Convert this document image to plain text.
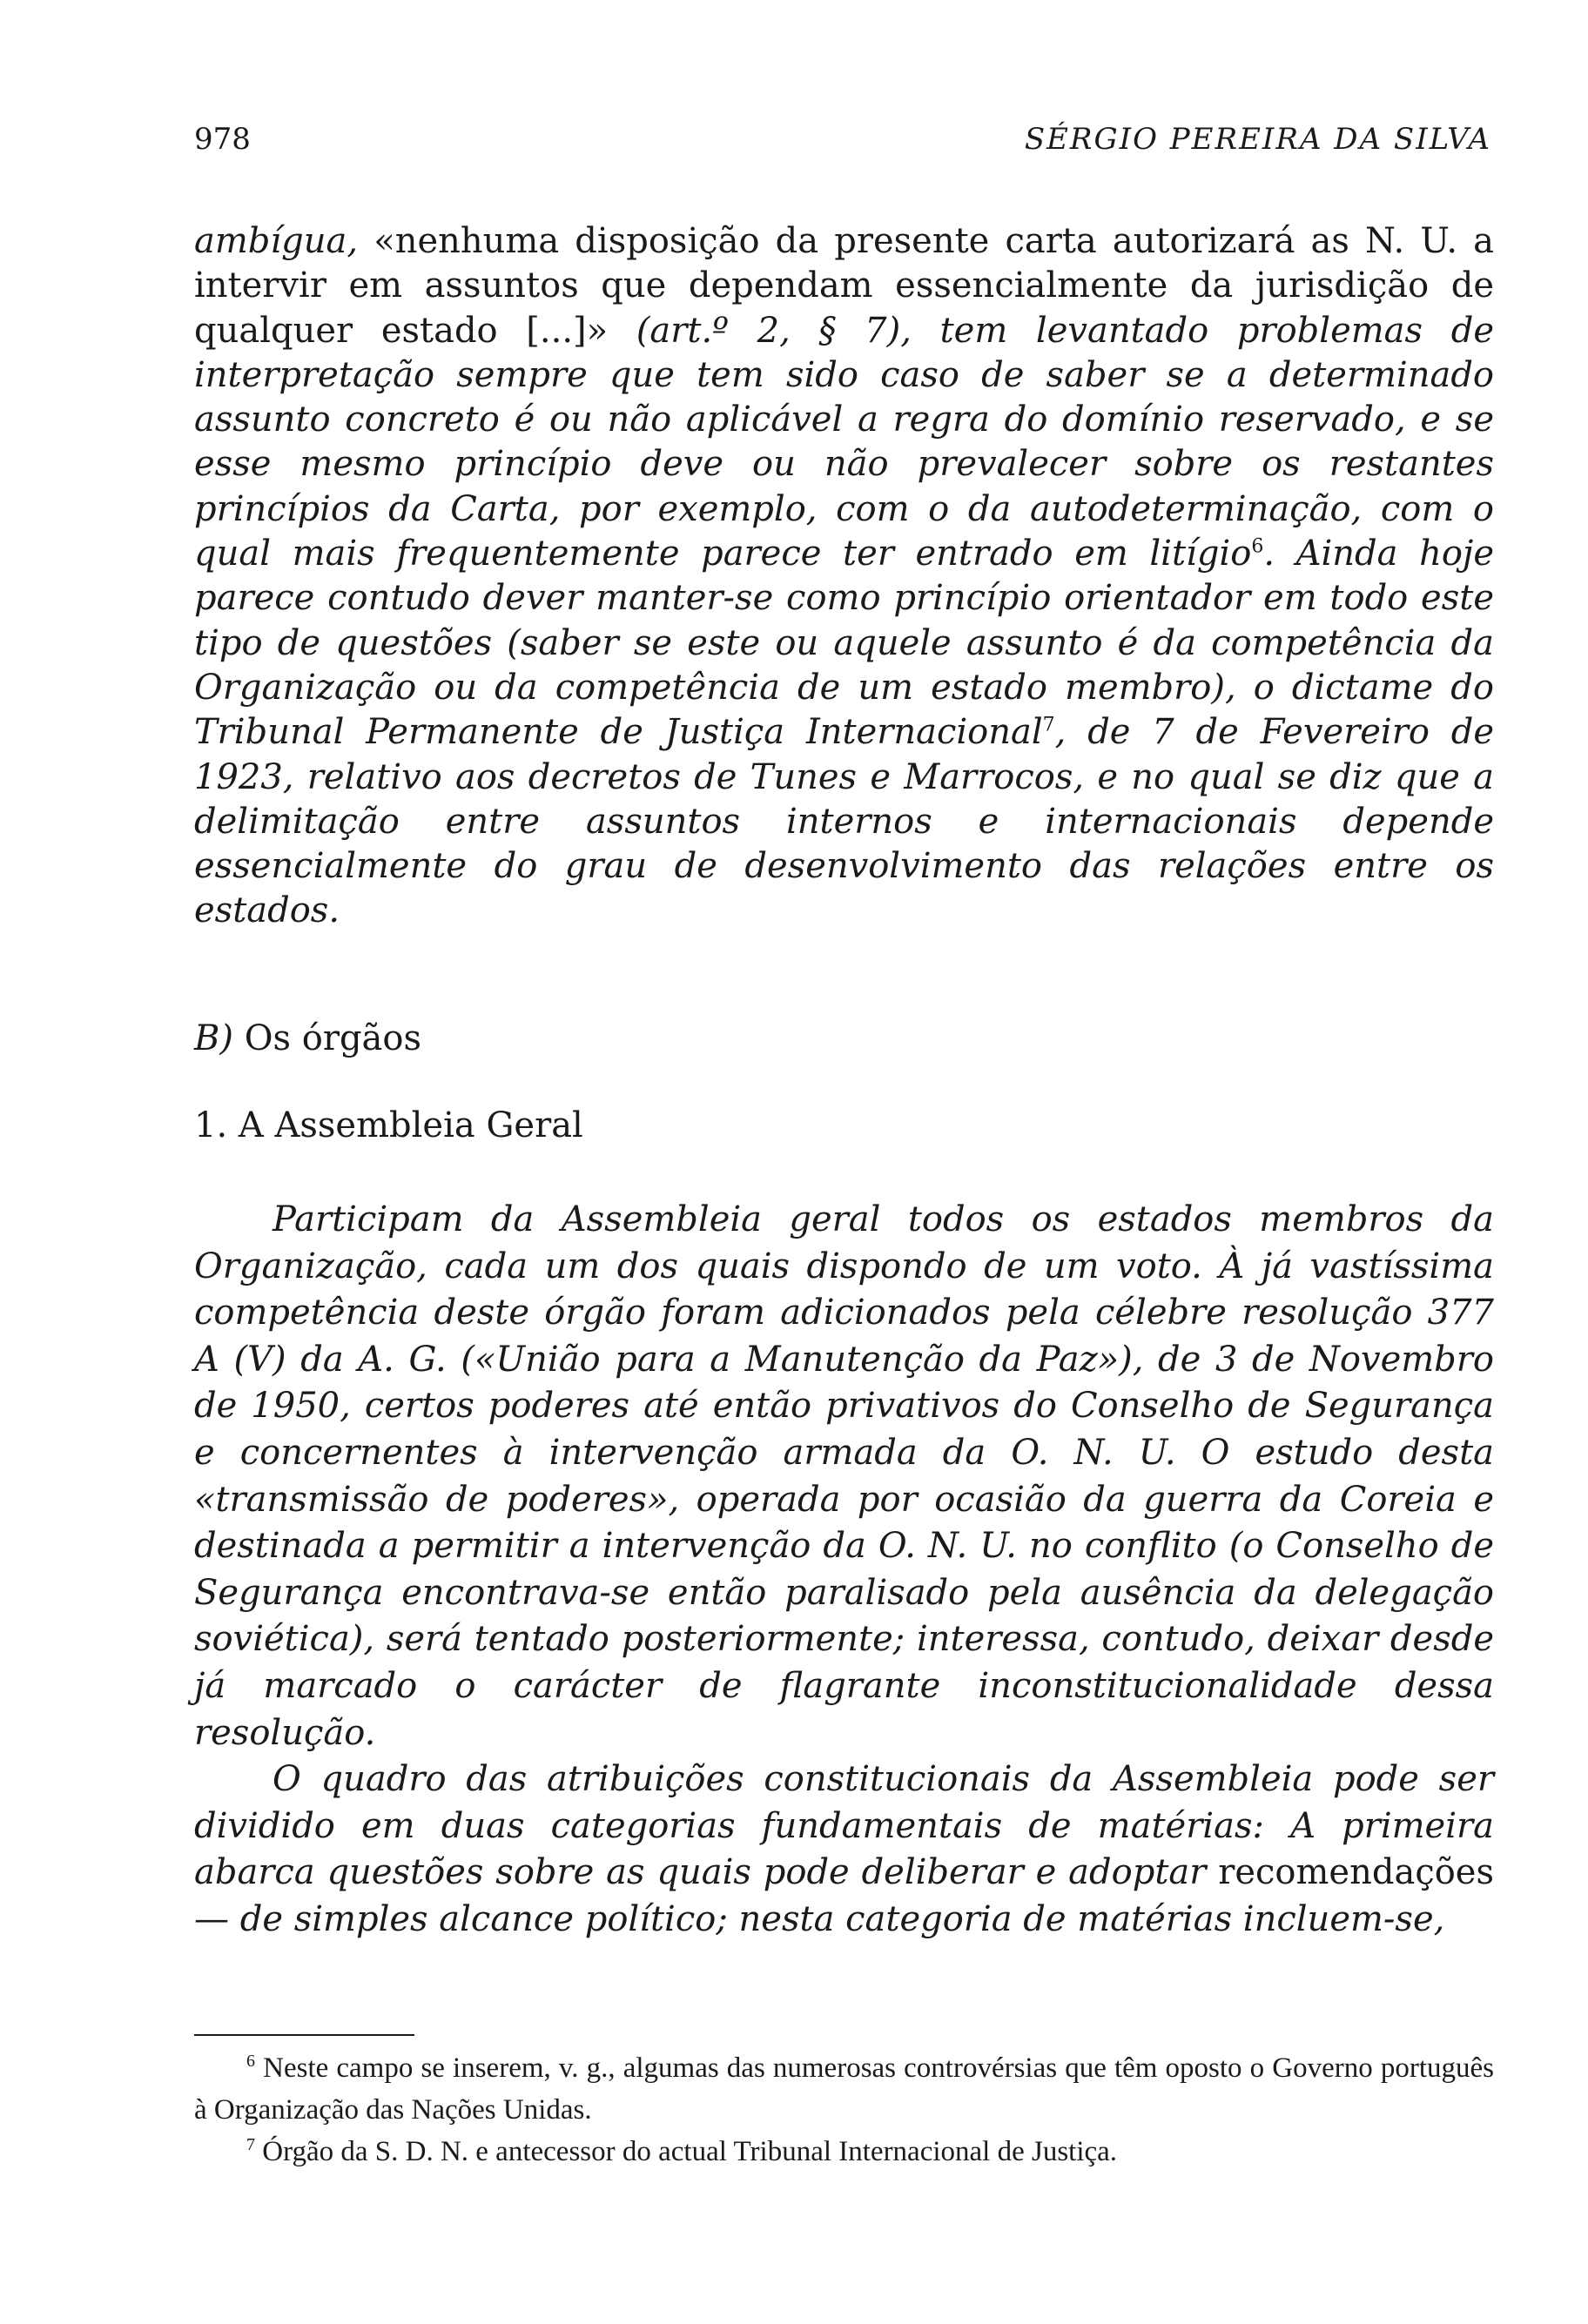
978	SÉRGIO PEREIRA DA SILVA

ambígua, «nenhuma disposição da presente carta autorizará as N. U. a intervir em assuntos que dependam essencialmente da jurisdição de qualquer estado [...]» (art.º 2, § 7), tem levantado problemas de interpretação sempre que tem sido caso de saber se a determinado assunto concreto é ou não aplicável a regra do domínio reservado, e se esse mesmo princípio deve ou não prevalecer sobre os restantes princípios da Carta, por exemplo, com o da autodeterminação, com o qual mais frequentemente parece ter entrado em litígio$^6$. Ainda hoje parece contudo dever manter-se como princípio orientador em todo este tipo de questões (saber se este ou aquele assunto é da competência da Organização ou da competência de um estado membro), o dictame do Tribunal Permanente de Justiça Internacional$^7$, de 7 de Fevereiro de 1923, relativo aos decretos de Tunes e Marrocos, e no qual se diz que a delimitação entre assuntos internos e internacionais depende essencialmente do grau de desenvolvimento das relações entre os estados.

B) Os órgãos
1. A Assembleia Geral

Participam da Assembleia geral todos os estados membros da Organização, cada um dos quais dispondo de um voto. À já vastíssima competência deste órgão foram adicionados pela célebre resolução 377 A (V) da A. G. («União para a Manutenção da Paz»), de 3 de Novembro de 1950, certos poderes até então privativos do Conselho de Segurança e concernentes à intervenção armada da O. N. U. O estudo desta «transmissão de poderes», operada por ocasião da guerra da Coreia e destinada a permitir a intervenção da O. N. U. no conflito (o Conselho de Segurança encontrava-se então paralisado pela ausência da delegação soviética), será tentado posteriormente; interessa, contudo, deixar desde já marcado o carácter de flagrante inconstitucionalidade dessa resolução.

O quadro das atribuições constitucionais da Assembleia pode ser dividido em duas categorias fundamentais de matérias: A primeira abarca questões sobre as quais pode deliberar e adoptar recomendações — de simples alcance político; nesta categoria de matérias incluem-se,

$^6$ Neste campo se inserem, v. g., algumas das numerosas controvérsias que têm oposto o Governo português à Organização das Nações Unidas.

$^7$ Órgão da S. D. N. e antecessor do actual Tribunal Internacional de Justiça.
